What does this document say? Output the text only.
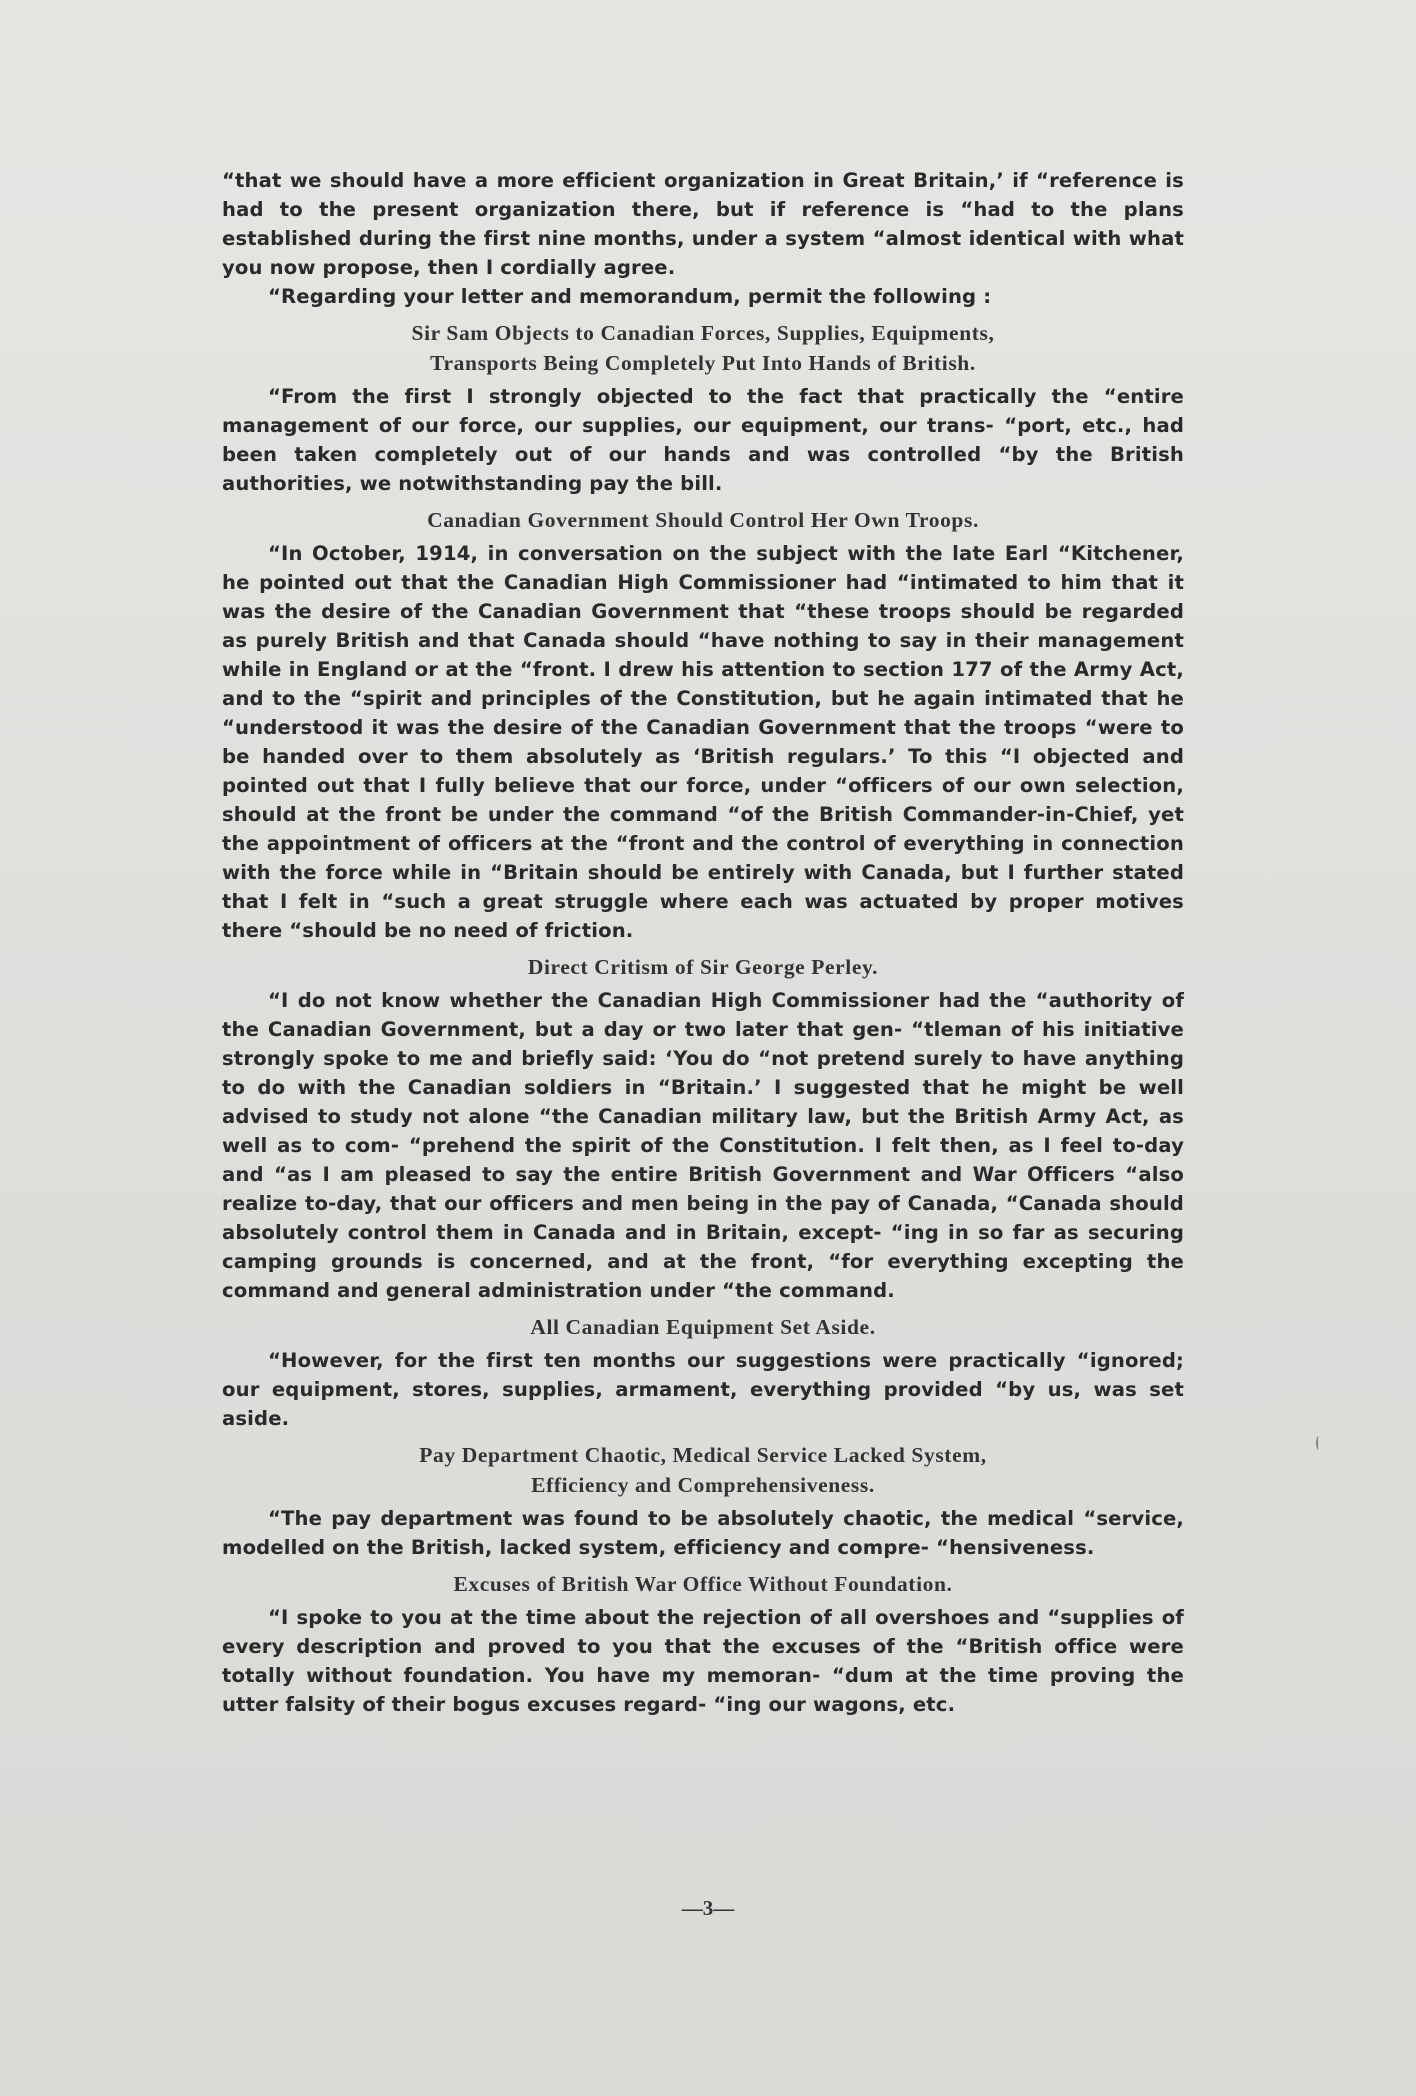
“that we should have a more efficient organization in Great Britain,’ if “reference is had to the present organization there, but if reference is “had to the plans established during the first nine months, under a system “almost identical with what you now propose, then I cordially agree.

“Regarding your letter and memorandum, permit the following :

Sir Sam Objects to Canadian Forces, Supplies, Equipments,
Transports Being Completely Put Into Hands of British.

“From the first I strongly objected to the fact that practically the “entire management of our force, our supplies, our equipment, our trans- “port, etc., had been taken completely out of our hands and was controlled “by the British authorities, we notwithstanding pay the bill.

Canadian Government Should Control Her Own Troops.

“In October, 1914, in conversation on the subject with the late Earl “Kitchener, he pointed out that the Canadian High Commissioner had “intimated to him that it was the desire of the Canadian Government that “these troops should be regarded as purely British and that Canada should “have nothing to say in their management while in England or at the “front. I drew his attention to section 177 of the Army Act, and to the “spirit and principles of the Constitution, but he again intimated that he “understood it was the desire of the Canadian Government that the troops “were to be handed over to them absolutely as ‘British regulars.’ To this “I objected and pointed out that I fully believe that our force, under “officers of our own selection, should at the front be under the command “of the British Commander-in-Chief, yet the appointment of officers at the “front and the control of everything in connection with the force while in “Britain should be entirely with Canada, but I further stated that I felt in “such a great struggle where each was actuated by proper motives there “should be no need of friction.

Direct Critism of Sir George Perley.

“I do not know whether the Canadian High Commissioner had the “authority of the Canadian Government, but a day or two later that gen- “tleman of his initiative strongly spoke to me and briefly said: ‘You do “not pretend surely to have anything to do with the Canadian soldiers in “Britain.’ I suggested that he might be well advised to study not alone “the Canadian military law, but the British Army Act, as well as to com- “prehend the spirit of the Constitution. I felt then, as I feel to-day and “as I am pleased to say the entire British Government and War Officers “also realize to-day, that our officers and men being in the pay of Canada, “Canada should absolutely control them in Canada and in Britain, except- “ing in so far as securing camping grounds is concerned, and at the front, “for everything excepting the command and general administration under “the command.

All Canadian Equipment Set Aside.

“However, for the first ten months our suggestions were practically “ignored; our equipment, stores, supplies, armament, everything provided “by us, was set aside.

Pay Department Chaotic, Medical Service Lacked System,
Efficiency and Comprehensiveness.

“The pay department was found to be absolutely chaotic, the medical “service, modelled on the British, lacked system, efficiency and compre- “hensiveness.

Excuses of British War Office Without Foundation.

“I spoke to you at the time about the rejection of all overshoes and “supplies of every description and proved to you that the excuses of the “British office were totally without foundation. You have my memoran- “dum at the time proving the utter falsity of their bogus excuses regard- “ing our wagons, etc.

—3—
